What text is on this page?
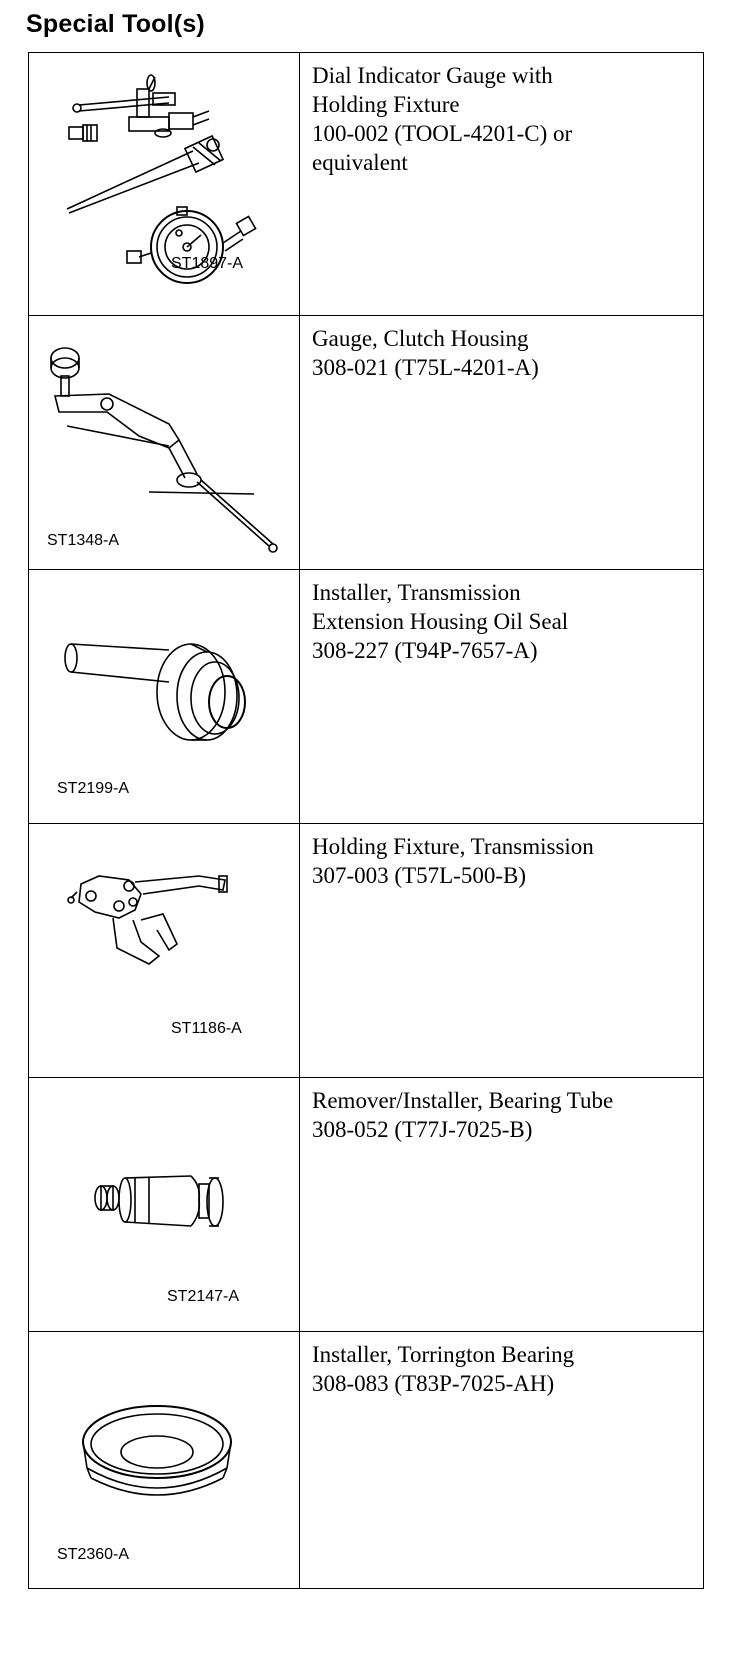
Special Tool(s)
ST1897-A	Dial Indicator Gauge with
Holding Fixture
100-002 (TOOL-4201-C) or
equivalent

ST1348-A	Gauge, Clutch Housing
308-021 (T75L-4201-A)

ST2199-A	Installer, Transmission
Extension Housing Oil Seal
308-227 (T94P-7657-A)

ST1186-A	Holding Fixture, Transmission
307-003 (T57L-500-B)

ST2147-A	Remover/Installer, Bearing Tube
308-052 (T77J-7025-B)

ST2360-A	Installer, Torrington Bearing
308-083 (T83P-7025-AH)
